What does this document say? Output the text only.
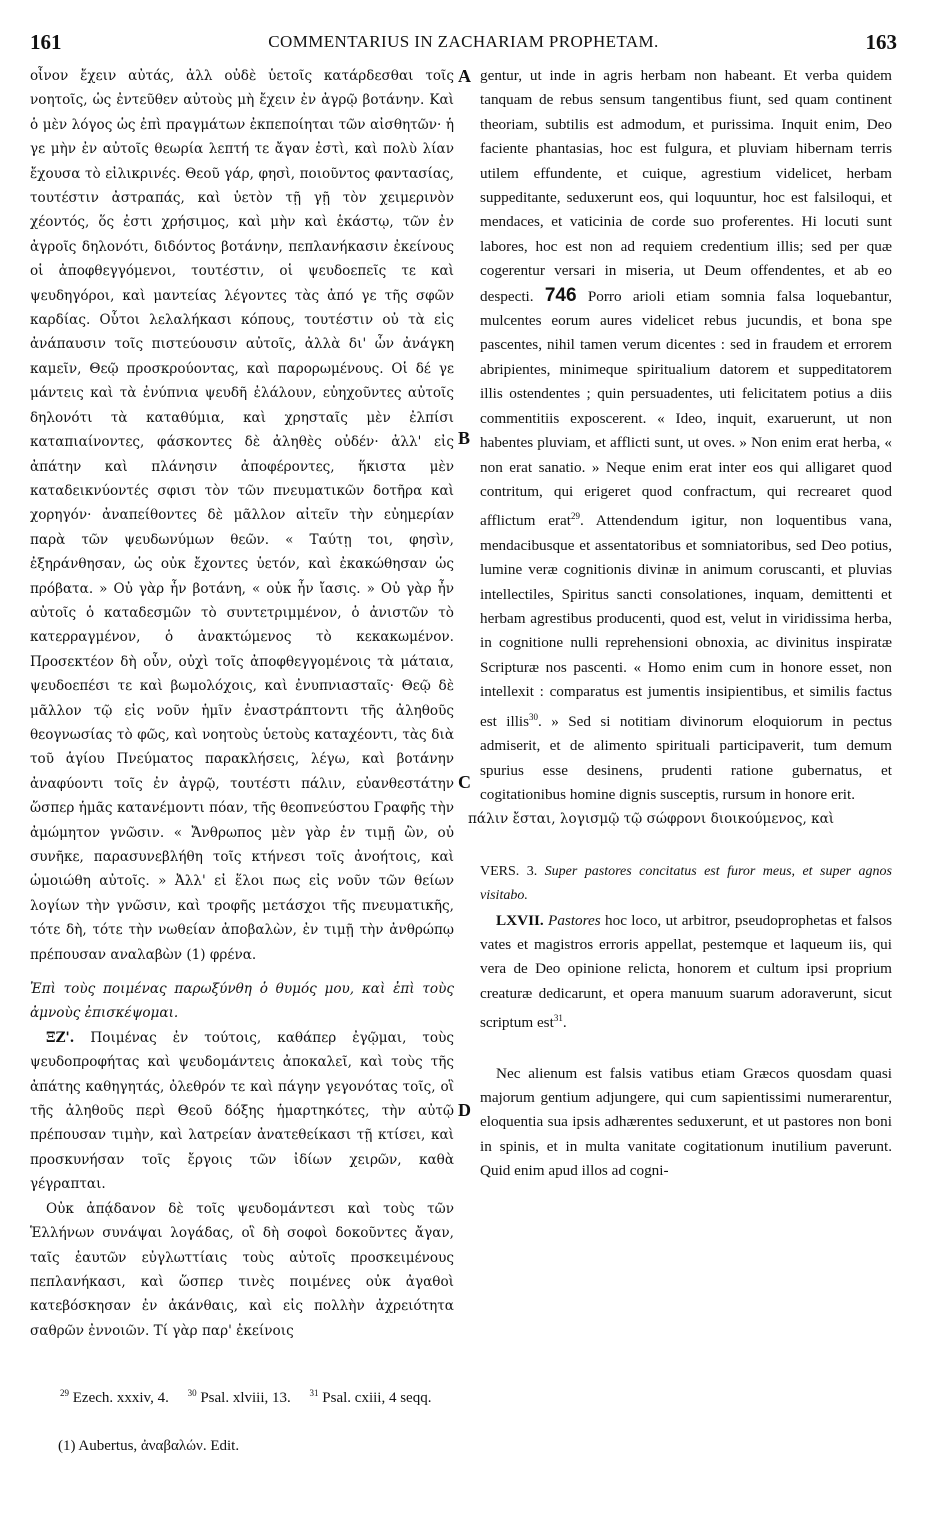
161	COMMENTARIUS IN ZACHARIAM PROPHETAM.	163

οἶνον ἔχειν αὐτάς, ἀλλ οὐδὲ ὑετοῖς κατάρδεσθαι τοῖς νοητοῖς, ὡς ἐντεῦθεν αὐτοὺς μὴ ἔχειν ἐν ἀγρῷ βοτάνην. Καὶ ὁ μὲν λόγος ὡς ἐπὶ πραγμάτων ἐκπεποίηται τῶν αἰσθητῶν· ἡ γε μὴν ἐν αὐτοῖς θεωρία λεπτή τε ἄγαν ἐστὶ, καὶ πολὺ λίαν ἔχουσα τὸ εἰλικρινές. Θεοῦ γάρ, φησὶ, ποιοῦντος φαντασίας, τουτέστιν ἀστραπάς, καὶ ὑετὸν τῇ γῇ τὸν χειμερινὸν χέοντός, ὅς ἐστι χρήσιμος, καὶ μὴν καὶ ἑκάστῳ, τῶν ἐν ἀγροῖς δηλονότι, διδόντος βοτάνην, πεπλανήκασιν ἐκείνους οἱ ἀποφθεγγόμενοι, τουτέστιν, οἱ ψευδοεπεῖς τε καὶ ψευδηγόροι, καὶ μαντείας λέγοντες τὰς ἀπό γε τῆς σφῶν καρδίας. Οὗτοι λελαλήκασι κόπους, τουτέστιν οὐ τὰ εἰς ἀνάπαυσιν τοῖς πιστεύουσιν αὐτοῖς, ἀλλὰ δι' ὧν ἀνάγκη καμεῖν, Θεῷ προσκρούοντας, καὶ παρορωμένους. Οἱ δέ γε μάντεις καὶ τὰ ἐνύπνια ψευδῆ ἐλάλουν, εὐηχοῦντες αὐτοῖς δηλονότι τὰ καταθύμια, καὶ χρησταῖς μὲν ἐλπίσι καταπιαίνοντες, φάσκοντες δὲ ἀληθὲς οὐδέν· ἀλλ' εἰς ἀπάτην καὶ πλάνησιν ἀποφέροντες, ἥκιστα μὲν καταδεικνύοντές σφισι τὸν τῶν πνευματικῶν δοτῆρα καὶ χορηγόν· ἀναπείθοντες δὲ μᾶλλον αἰτεῖν τὴν εὐημερίαν παρὰ τῶν ψευδωνύμων θεῶν. « Ταύτῃ τοι, φησὶν, ἐξηράνθησαν, ὡς οὐκ ἔχοντες ὑετόν, καὶ ἐκακώθησαν ὡς πρόβατα. » Οὐ γὰρ ἦν βοτάνη, « οὐκ ἦν ἴασις. » Οὐ γὰρ ἦν αὐτοῖς ὁ καταδεσμῶν τὸ συντετριμμένον, ὁ ἀνιστῶν τὸ κατερραγμένον, ὁ ἀνακτώμενος τὸ κεκακωμένον. Προσεκτέον δὴ οὖν, οὐχὶ τοῖς ἀποφθεγγομένοις τὰ μάταια, ψευδοεπέσι τε καὶ βωμολόχοις, καὶ ἐνυπνιασταῖς· Θεῷ δὲ μᾶλλον τῷ εἰς νοῦν ἡμῖν ἐναστράπτοντι τῆς ἀληθοῦς θεογνωσίας τὸ φῶς, καὶ νοητοὺς ὑετοὺς καταχέοντι, τὰς διὰ τοῦ ἁγίου Πνεύματος παρακλήσεις, λέγω, καὶ βοτάνην ἀναφύοντι τοῖς ἐν ἀγρῷ, τουτέστι πάλιν, εὐανθεστάτην ὥσπερ ἡμᾶς κατανέμοντι πόαν, τῆς θεοπνεύστου Γραφῆς τὴν ἀμώμητον γνῶσιν. « Ἄνθρωπος μὲν γὰρ ἐν τιμῇ ὢν, οὐ συνῆκε, παρασυνεβλήθη τοῖς κτήνεσι τοῖς ἀνοήτοις, καὶ ὡμοιώθη αὐτοῖς. » Ἀλλ' εἰ ἕλοι πως εἰς νοῦν τῶν θείων λογίων τὴν γνῶσιν, καὶ τροφῆς μετάσχοι τῆς πνευματικῆς, τότε δὴ, τότε τὴν νωθείαν ἀποβαλὼν, ἐν τιμῇ τὴν ἀνθρώπῳ πρέπουσαν αναλαβὼν (1) φρένα.

Ἐπὶ τοὺς ποιμένας παρωξύνθη ὁ θυμός μου, καὶ ἐπὶ τοὺς ἀμνοὺς ἐπισκέψομαι.

ΞΖ'. Ποιμένας ἐν τούτοις, καθάπερ ἐγῷμαι, τοὺς ψευδοπροφήτας καὶ ψευδομάντεις ἀποκαλεῖ, καὶ τοὺς τῆς ἀπάτης καθηγητάς, ὀλεθρόν τε καὶ πάγην γεγονότας τοῖς, οἳ τῆς ἀληθοῦς περὶ Θεοῦ δόξης ἡμαρτηκότες, τὴν αὐτῷ πρέπουσαν τιμὴν, καὶ λατρείαν ἀνατεθείκασι τῇ κτίσει, καὶ προσκυνήσαν τοῖς ἔργοις τῶν ἰδίων χειρῶν, καθὰ γέγραπται.

Οὐκ ἀπᾴδανον δὲ τοῖς ψευδομάντεσι καὶ τοὺς τῶν Ἑλλήνων συνάψαι λογάδας, οἳ δὴ σοφοὶ δοκοῦντες ἄγαν, ταῖς ἑαυτῶν εὐγλωττίαις τοὺς αὐτοῖς προσκειμένους πεπλανήκασι, καὶ ὥσπερ τινὲς ποιμένες οὐκ ἀγαθοὶ κατεβόσκησαν ἐν ἀκάνθαις, καὶ εἰς πολλὴν ἀχρειότητα σαθρῶν ἐννοιῶν. Τί γὰρ παρ' ἐκείνοις

A
B
C
D

gentur, ut inde in agris herbam non habeant. Et verba quidem tanquam de rebus sensum tangentibus fiunt, sed quam continent theoriam, subtilis est admodum, et purissima. Inquit enim, Deo faciente phantasias, hoc est fulgura, et pluviam hibernam terris utilem effundente, et cuique, agrestium videlicet, herbam suppeditante, seduxerunt eos, qui loquuntur, hoc est falsiloqui, et mendaces, et vaticinia de corde suo proferentes. Hi locuti sunt labores, hoc est non ad requiem credentium illis; sed per quæ cogerentur versari in miseria, ut Deum offendentes, et ab eo despecti. 746 Porro arioli etiam somnia falsa loquebantur, mulcentes eorum aures videlicet rebus jucundis, et bona spe pascentes, nihil tamen verum dicentes : sed in fraudem et errorem abripientes, minimeque spiritualium datorem et suppeditatorem illis ostendentes ; quin persuadentes, uti felicitatem potius a diis commentitiis exposcerent. « Ideo, inquit, exaruerunt, ut non habentes pluviam, et afflicti sunt, ut oves. » Non enim erat herba, « non erat sanatio. » Neque enim erat inter eos qui alligaret quod contritum, qui erigeret quod confractum, qui recrearet quod afflictum erat$^{29}$. Attendendum igitur, non loquentibus vana, mendacibusque et assentatoribus et somniatoribus, sed Deo potius, lumine veræ cognitionis divinæ in animum coruscanti, et pluvias intellectiles, Spiritus sancti consolationes, inquam, demittenti et herbam agrestibus producenti, quod est, velut in viridissima herba, in cognitione nulli reprehensioni obnoxia, ac divinitus inspiratæ Scripturæ nos pascenti. « Homo enim cum in honore esset, non intellexit : comparatus est jumentis insipientibus, et similis factus est illis$^{30}$. » Sed si notitiam divinorum eloquiorum in pectus admiserit, et de alimento spirituali participaverit, tum demum spurius esse desinens, prudenti ratione gubernatus, et cogitationibus homine dignis susceptis, rursum in honore erit.

πάλιν ἔσται, λογισμῷ τῷ σώφρονι διοικούμενος, καὶ

VERS. 3. Super pastores concitatus est furor meus, et super agnos visitabo.

LXVII. Pastores hoc loco, ut arbitror, pseudoprophetas et falsos vates et magistros erroris appellat, pestemque et laqueum iis, qui vera de Deo opinione relicta, honorem et cultum ipsi proprium creaturæ dedicarunt, et opera manuum suarum adoraverunt, sicut scriptum est$^{31}$.

Nec alienum est falsis vatibus etiam Græcos quosdam quasi majorum gentium adjungere, qui cum sapientissimi numerarentur, eloquentia sua ipsis adhærentes seduxerunt, et ut pastores non boni in spinis, et in multa vanitate cogitationum inutilium paverunt. Quid enim apud illos ad cogni-

$^{29}$ Ezech. xxxiv, 4. $^{30}$ Psal. xlviii, 13. $^{31}$ Psal. cxiii, 4 seqq.
(1) Aubertus, ἀναβαλών. Edit.
